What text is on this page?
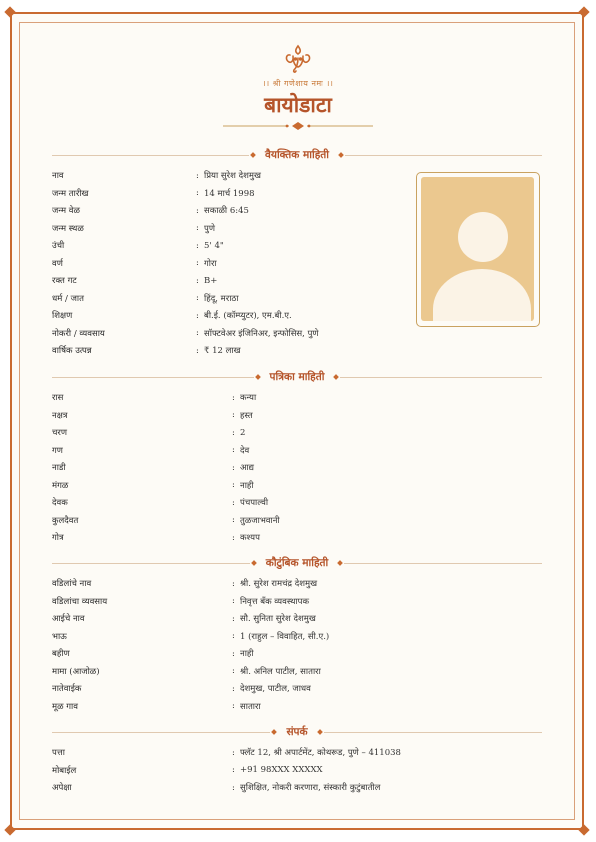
।। श्री गणेशाय नमः ।।
बायोडाटा
वैयक्तिक माहिती
नाव	: प्रिया सुरेश देशमुख
जन्म तारीख	: 14 मार्च 1998
जन्म वेळ	: सकाळी 6:45
जन्म स्थळ	: पुणे
उंची	: 5' 4"
वर्ण	: गोरा
रक्त गट	: B+
धर्म / जात	: हिंदू, मराठा
शिक्षण	: बी.ई. (कॉम्प्युटर), एम.बी.ए.
नोकरी / व्यवसाय	: सॉफ्टवेअर इंजिनिअर, इन्फोसिस, पुणे
वार्षिक उत्पन्न	: ₹ 12 लाख
पत्रिका माहिती
रास	: कन्या
नक्षत्र	: हस्त
चरण	: 2
गण	: देव
नाडी	: आद्य
मंगळ	: नाही
देवक	: पंचपाल्वी
कुलदैवत	: तुळजाभवानी
गोत्र	: कश्यप
कौटुंबिक माहिती
वडिलांचे नाव	: श्री. सुरेश रामचंद्र देशमुख
वडिलांचा व्यवसाय	: निवृत्त बँक व्यवस्थापक
आईचे नाव	: सौ. सुनिता सुरेश देशमुख
भाऊ	: 1 (राहुल – विवाहित, सी.ए.)
बहीण	: नाही
मामा (आजोळ)	: श्री. अनिल पाटील, सातारा
नातेवाईक	: देशमुख, पाटील, जाधव
मूळ गाव	: सातारा
संपर्क
पत्ता	: फ्लॅट 12, श्री अपार्टमेंट, कोथरूड, पुणे – 411038
मोबाईल	: +91 98XXX XXXXX
अपेक्षा	: सुशिक्षित, नोकरी करणारा, संस्कारी कुटुंबातील
